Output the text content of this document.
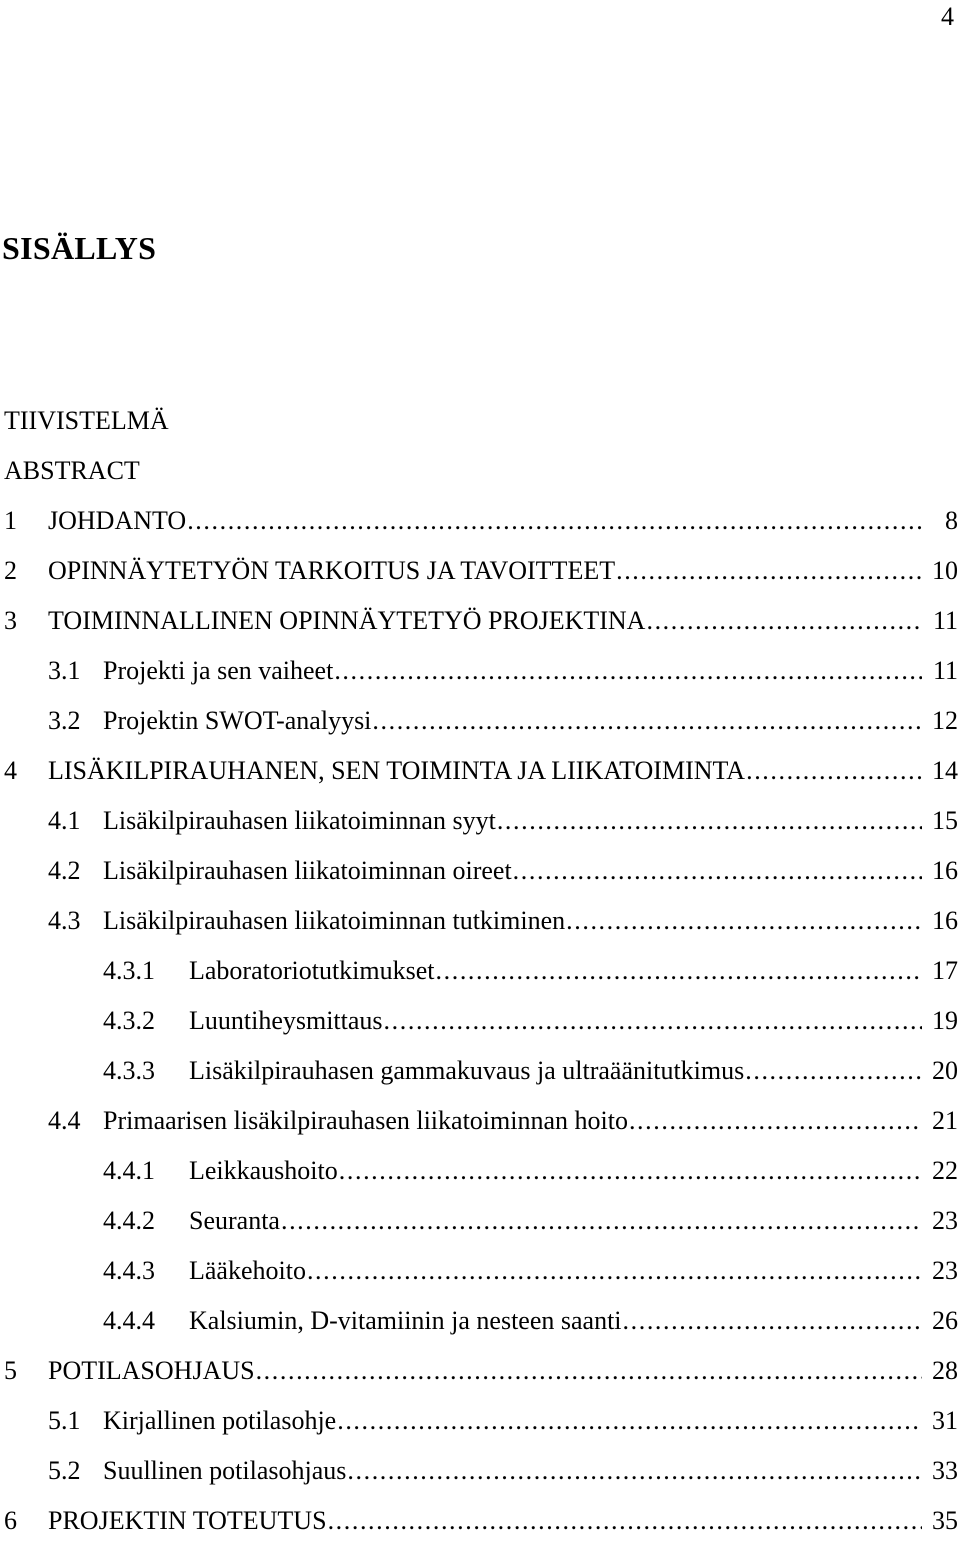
4
SISÄLLYS
TIIVISTELMÄ
ABSTRACT
1	JOHDANTO .....	8
2	OPINNÄYTETYÖN TARKOITUS JA TAVOITTEET .....	10
3	TOIMINNALLINEN OPINNÄYTETYÖ PROJEKTINA .....	11
3.1 Projekti ja sen vaiheet .....	11
3.2 Projektin SWOT-analyysi .....	12
4	LISÄKILPIRAUHANEN, SEN TOIMINTA JA LIIKATOIMINTA .....	14
4.1 Lisäkilpirauhasen liikatoiminnan syyt .....	15
4.2 Lisäkilpirauhasen liikatoiminnan oireet .....	16
4.3 Lisäkilpirauhasen liikatoiminnan tutkiminen .....	16
4.3.1	Laboratoriotutkimukset .....	17
4.3.2	Luuntiheysmittaus .....	19
4.3.3	Lisäkilpirauhasen gammakuvaus ja ultraäänitutkimus .....	20
4.4 Primaarisen lisäkilpirauhasen liikatoiminnan hoito .....	21
4.4.1	Leikkaushoito .....	22
4.4.2	Seuranta .....	23
4.4.3	Lääkehoito .....	23
4.4.4	Kalsiumin, D-vitamiinin ja nesteen saanti .....	26
5	POTILASOHJAUS .....	28
5.1 Kirjallinen potilasohje .....	31
5.2 Suullinen potilasohjaus .....	33
6	PROJEKTIN TOTEUTUS .....	35
